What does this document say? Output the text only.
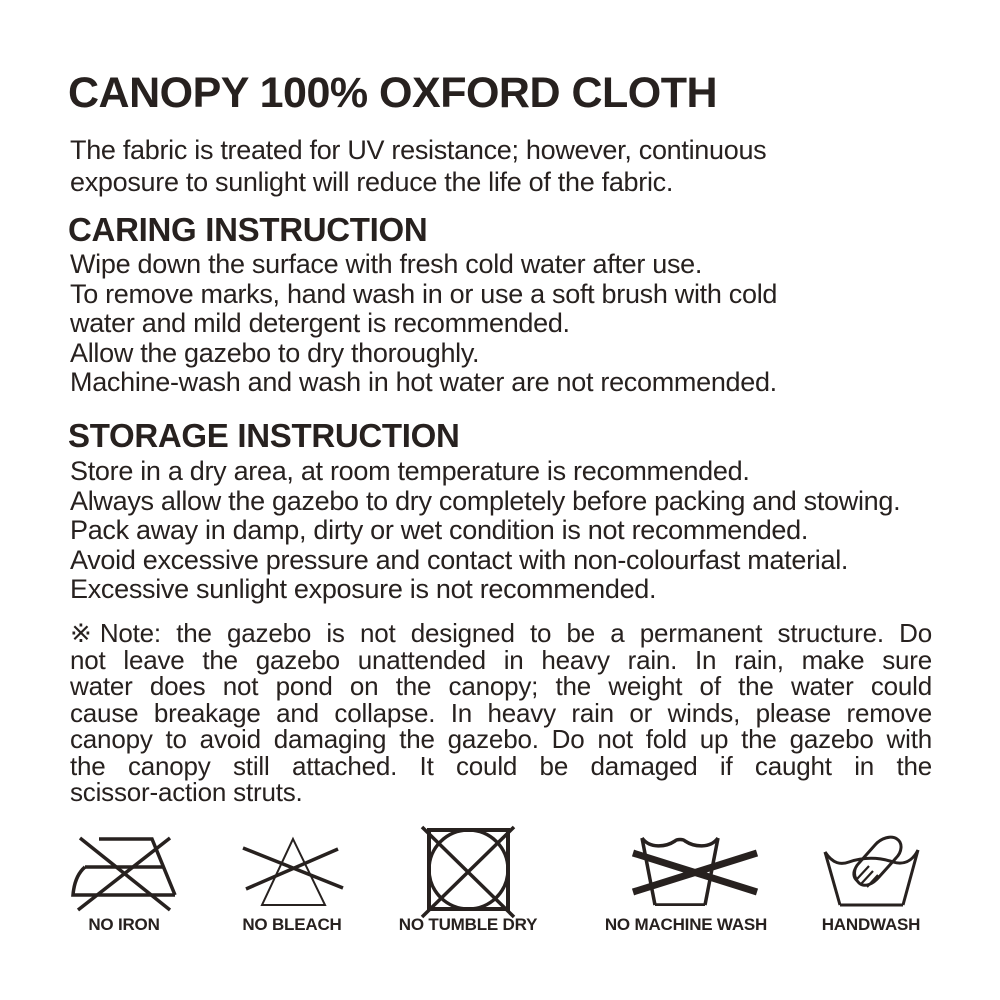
CANOPY 100% OXFORD CLOTH
The fabric is treated for UV resistance; however, continuous
exposure to sunlight will reduce the life of the fabric.
CARING INSTRUCTION
Wipe down the surface with fresh cold water after use.
To remove marks, hand wash in or use a soft brush with cold
water and mild detergent is recommended.
Allow the gazebo to dry thoroughly.
Machine-wash and wash in hot water are not recommended.
STORAGE INSTRUCTION
Store in a dry area, at room temperature is recommended.
Always allow the gazebo to dry completely before packing and stowing.
Pack away in damp, dirty or wet condition is not recommended.
Avoid excessive pressure and contact with non-colourfast material.
Excessive sunlight exposure is not recommended.
※Note: the gazebo is not designed to be a permanent structure. Do
not leave the gazebo unattended in heavy rain. In rain, make sure
water does not pond on the canopy; the weight of the water could
cause breakage and collapse. In heavy rain or winds, please remove
canopy to avoid damaging the gazebo. Do not fold up the gazebo with
the canopy still attached. It could be damaged if caught in the
scissor-action struts.
NO IRON	NO BLEACH	NO TUMBLE DRY	NO MACHINE WASH	HANDWASH
